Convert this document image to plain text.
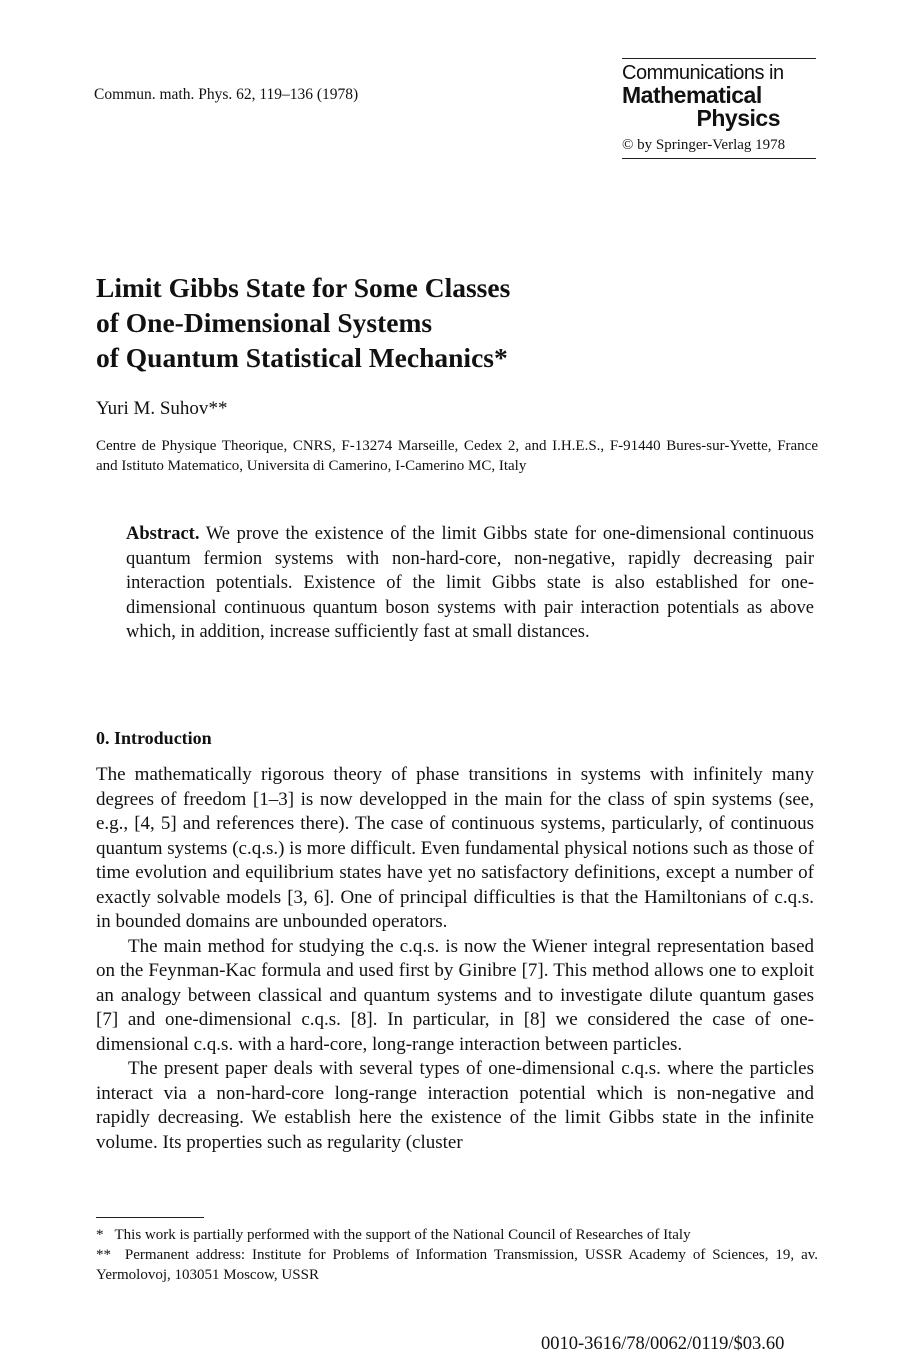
Commun. math. Phys. 62, 119–136 (1978)
Communications in
Mathematical
Physics
© by Springer-Verlag 1978
Limit Gibbs State for Some Classes
of One-Dimensional Systems
of Quantum Statistical Mechanics*
Yuri M. Suhov**
Centre de Physique Theorique, CNRS, F-13274 Marseille, Cedex 2, and I.H.E.S., F-91440 Bures-sur-Yvette, France and Istituto Matematico, Universita di Camerino, I-Camerino MC, Italy
Abstract. We prove the existence of the limit Gibbs state for one-dimensional continuous quantum fermion systems with non-hard-core, non-negative, rapidly decreasing pair interaction potentials. Existence of the limit Gibbs state is also established for one-dimensional continuous quantum boson systems with pair interaction potentials as above which, in addition, increase sufficiently fast at small distances.
0. Introduction

The mathematically rigorous theory of phase transitions in systems with infinitely many degrees of freedom [1–3] is now developped in the main for the class of spin systems (see, e.g., [4, 5] and references there). The case of continuous systems, particularly, of continuous quantum systems (c.q.s.) is more difficult. Even fundamental physical notions such as those of time evolution and equilibrium states have yet no satisfactory definitions, except a number of exactly solvable models [3, 6]. One of principal difficulties is that the Hamiltonians of c.q.s. in bounded domains are unbounded operators.

The main method for studying the c.q.s. is now the Wiener integral representation based on the Feynman-Kac formula and used first by Ginibre [7]. This method allows one to exploit an analogy between classical and quantum systems and to investigate dilute quantum gases [7] and one-dimensional c.q.s. [8]. In particular, in [8] we considered the case of one-dimensional c.q.s. with a hard-core, long-range interaction between particles.

The present paper deals with several types of one-dimensional c.q.s. where the particles interact via a non-hard-core long-range interaction potential which is non-negative and rapidly decreasing. We establish here the existence of the limit Gibbs state in the infinite volume. Its properties such as regularity (cluster

* This work is partially performed with the support of the National Council of Researches of Italy

** Permanent address: Institute for Problems of Information Transmission, USSR Academy of Sciences, 19, av. Yermolovoj, 103051 Moscow, USSR

0010-3616/78/0062/0119/$03.60
